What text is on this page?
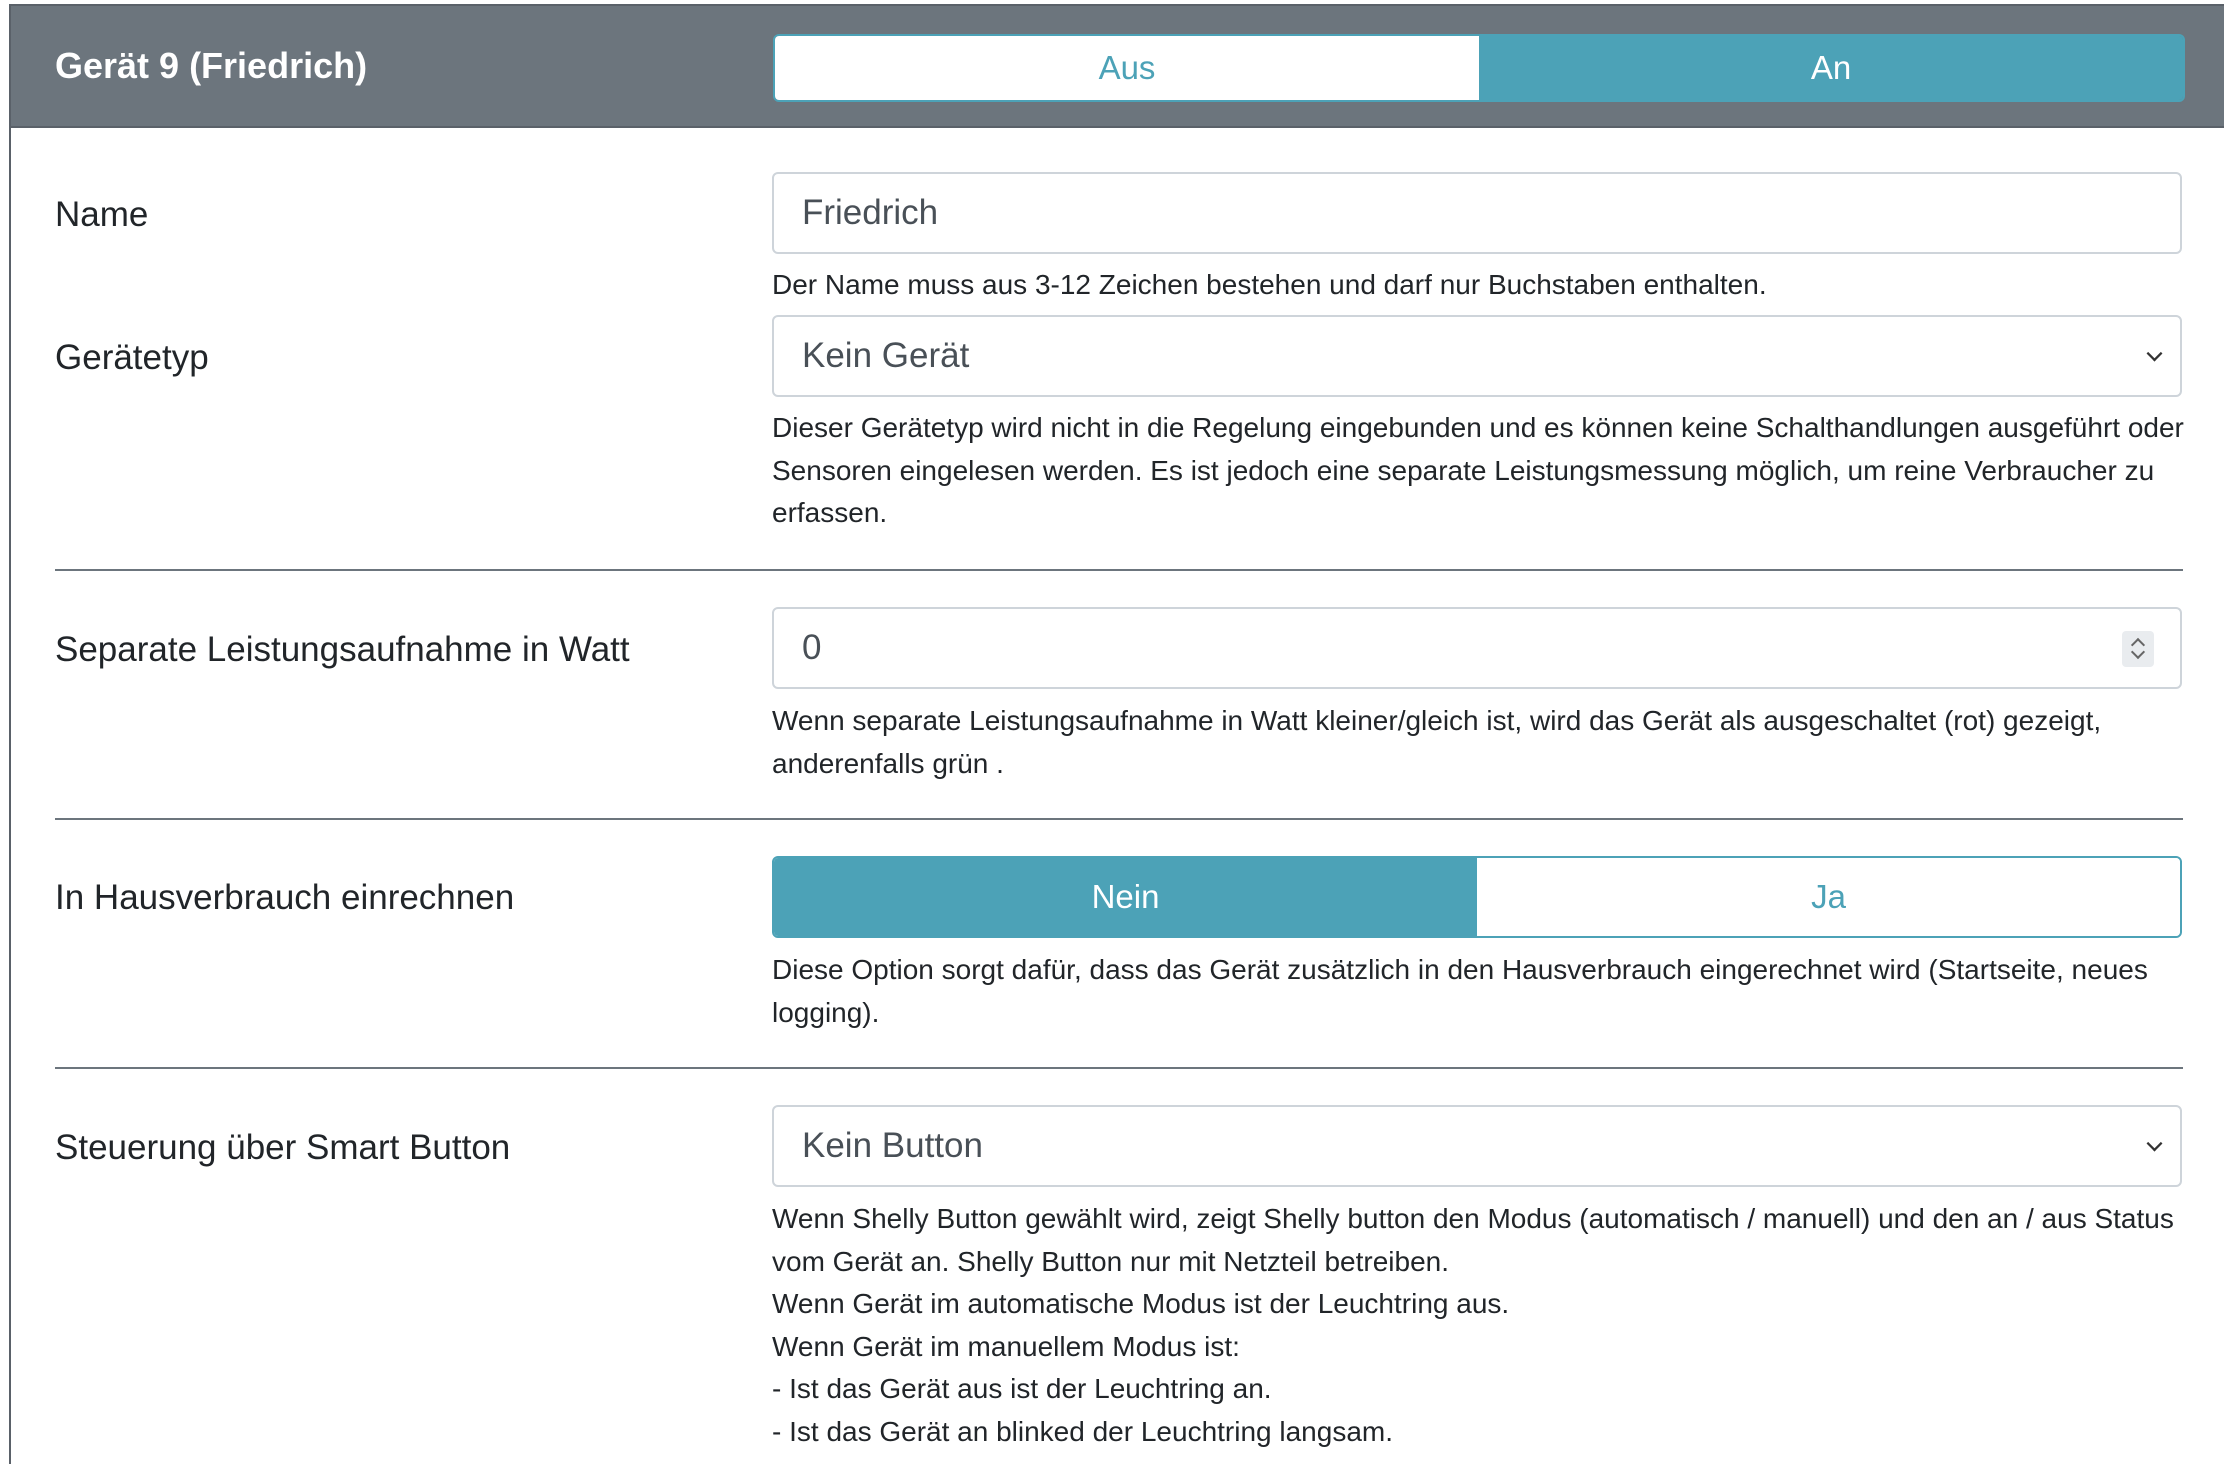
Gerät 9 (Friedrich)	Aus	An
Name	Friedrich
Der Name muss aus 3-12 Zeichen bestehen und darf nur Buchstaben enthalten.
Gerätetyp	Kein Gerät
Dieser Gerätetyp wird nicht in die Regelung eingebunden und es können keine Schalthandlungen ausgeführt oder Sensoren eingelesen werden. Es ist jedoch eine separate Leistungsmessung möglich, um reine Verbraucher zu erfassen.
Separate Leistungsaufnahme in Watt	0
Wenn separate Leistungsaufnahme in Watt kleiner/gleich ist, wird das Gerät als ausgeschaltet (rot) gezeigt, anderenfalls grün .
In Hausverbrauch einrechnen	Nein	Ja
Diese Option sorgt dafür, dass das Gerät zusätzlich in den Hausverbrauch eingerechnet wird (Startseite, neues logging).
Steuerung über Smart Button	Kein Button
Wenn Shelly Button gewählt wird, zeigt Shelly button den Modus (automatisch / manuell) und den an / aus Status vom Gerät an. Shelly Button nur mit Netzteil betreiben.
Wenn Gerät im automatische Modus ist der Leuchtring aus.
Wenn Gerät im manuellem Modus ist:
- Ist das Gerät aus ist der Leuchtring an.
- Ist das Gerät an blinked der Leuchtring langsam.
